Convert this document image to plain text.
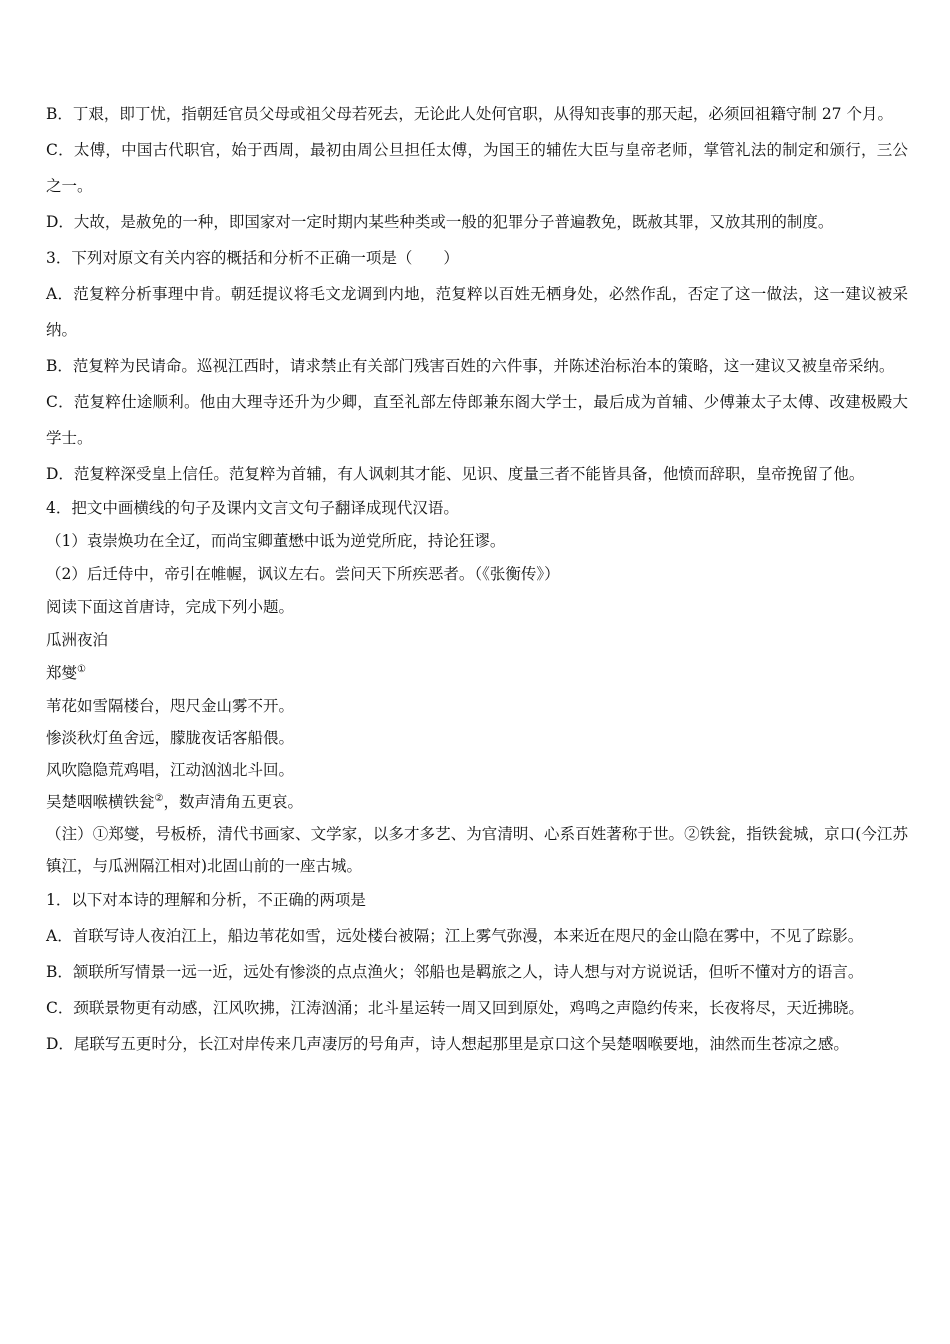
B．丁艰，即丁忧，指朝廷官员父母或祖父母若死去，无论此人处何官职，从得知丧事的那天起，必须回祖籍守制 27 个月。

C．太傅，中国古代职官，始于西周，最初由周公旦担任太傅，为国王的辅佐大臣与皇帝老师，掌管礼法的制定和颁行，三公之一。

D．大故，是赦免的一种，即国家对一定时期内某些种类或一般的犯罪分子普遍教免，既赦其罪，又放其刑的制度。

3．下列对原文有关内容的概括和分析不正确一项是（　　）

A．范复粹分析事理中肯。朝廷提议将毛文龙调到内地，范复粹以百姓无栖身处，必然作乱，否定了这一做法，这一建议被采纳。

B．范复粹为民请命。巡视江西时，请求禁止有关部门残害百姓的六件事，并陈述治标治本的策略，这一建议又被皇帝采纳。

C．范复粹仕途顺利。他由大理寺还升为少卿，直至礼部左侍郎兼东阁大学士，最后成为首辅、少傅兼太子太傅、改建极殿大学士。

D．范复粹深受皇上信任。范复粹为首辅，有人讽刺其才能、见识、度量三者不能皆具备，他愤而辞职，皇帝挽留了他。

4．把文中画横线的句子及课内文言文句子翻译成现代汉语。

（1）袁崇焕功在全辽，而尚宝卿董懋中诋为逆党所庇，持论狂谬。

（2）后迁侍中，帝引在帷幄，讽议左右。尝问天下所疾恶者。（《张衡传》）

阅读下面这首唐诗，完成下列小题。

瓜洲夜泊

郑燮①

苇花如雪隔楼台，咫尺金山雾不开。

惨淡秋灯鱼舍远，朦胧夜话客船偎。

风吹隐隐荒鸡唱，江动汹汹北斗回。

吴楚咽喉横铁瓮②，数声清角五更哀。

（注）①郑燮，号板桥，清代书画家、文学家，以多才多艺、为官清明、心系百姓著称于世。②铁瓮，指铁瓮城，京口(今江苏镇江，与瓜洲隔江相对)北固山前的一座古城。

1．以下对本诗的理解和分析，不正确的两项是

A．首联写诗人夜泊江上，船边苇花如雪，远处楼台被隔；江上雾气弥漫，本来近在咫尺的金山隐在雾中，不见了踪影。

B．颔联所写情景一远一近，远处有惨淡的点点渔火；邻船也是羁旅之人，诗人想与对方说说话，但听不懂对方的语言。

C．颈联景物更有动感，江风吹拂，江涛汹涌；北斗星运转一周又回到原处，鸡鸣之声隐约传来，长夜将尽，天近拂晓。

D．尾联写五更时分，长江对岸传来几声凄厉的号角声，诗人想起那里是京口这个吴楚咽喉要地，油然而生苍凉之感。
